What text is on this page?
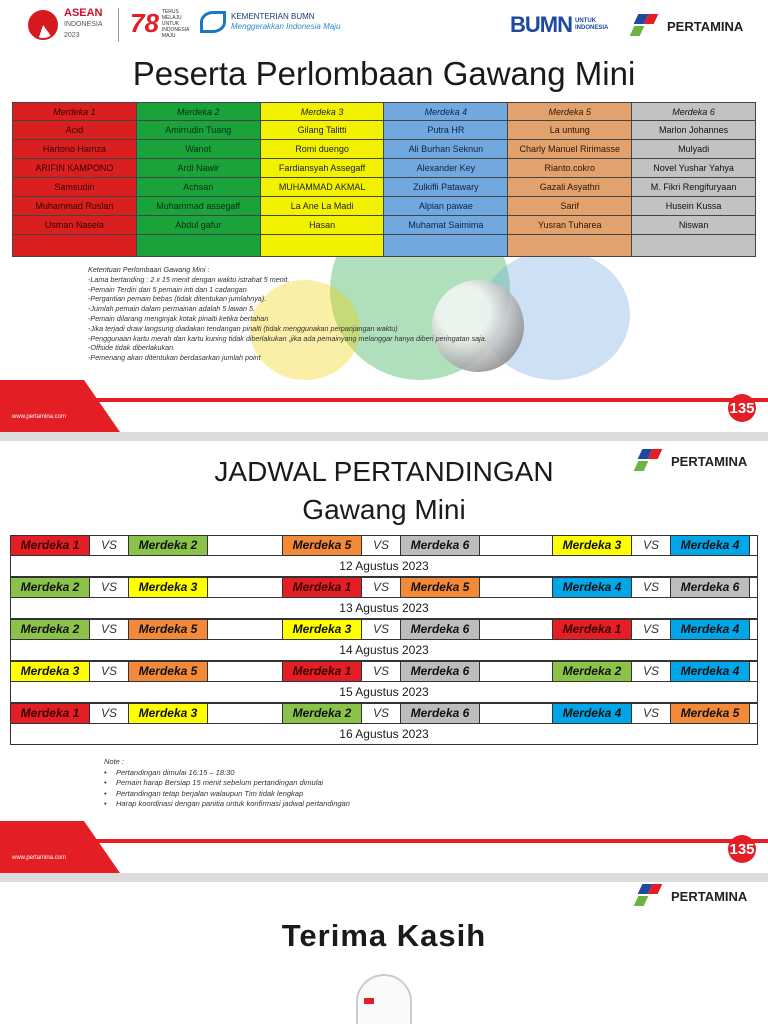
ASEAN
INDONESIA
2023	78 TERUS MELAJU UNTUK INDONESIA MAJU
KEMENTERIAN BUMN
Menggerakkan Indonesia Maju	BUMN UNTUK INDONESIA	PERTAMINA
Peserta Perlombaan Gawang Mini
Merdeka 1	Merdeka 2	Merdeka 3	Merdeka 4	Merdeka 5	Merdeka 6
Acid	Amirrudin Tuang	Gilang Talitti	Putra HR	La untung	Marlon Johannes
Hartono Hamza	Wanot	Romi duengo	Ali Burhan Seknun	Charly Manuel Ririmasse	Mulyadi
ARIFIN KAMPONO	Ardi Nawir	Fardiansyah Assegaff	Alexander Key	Rianto.cokro	Novel Yushar Yahya
Samsudin	Achsan	MUHAMMAD AKMAL	Zulkifli Patawary	Gazali Asyathri	M. Fikri Rengifuryaan
Muhammad Ruslan	Muhammad assegaff	La Ane La Madi	Alpian pawae	Sarif	Husein Kussa
Usman Nasela	Abdul gafur	Hasan	Muhamat Saimima	Yusran Tuharea	Niswan

Ketentuan Perlombaan Gawang Mini :
-Lama bertanding : 2 x 15 menit dengan waktu istrahat 5 menit.
-Pemain Terdiri dari 5 pemain inti dan 1 cadangan
-Pergantian pemain bebas (tidak ditentukan jumlahnya).
-Jumlah pemain dalam permainan adalah 5 lawan 5.
-Pemain dilarang menginjak kotak pinalti ketika bertahan
-Jika terjadi draw langsung diadakan tendangan pinalti (tidak menggunakan perpanjangan waktu)
-Penggunaan kartu merah dan kartu kuning tidak diberlakukan ,jika ada pemainyang melanggar hanya diberi peringatan saja.
-Offside tidak diberlakukan.
-Pemenang akan ditentukan berdasarkan jumlah point
www.pertamina.com
135
JADWAL PERTANDINGAN
Gawang Mini
PERTAMINA
Merdeka 1	VS	Merdeka 2	Merdeka 5	VS	Merdeka 6	Merdeka 3	VS	Merdeka 4
12 Agustus 2023
Merdeka 2	VS	Merdeka 3	Merdeka 1	VS	Merdeka 5	Merdeka 4	VS	Merdeka 6
13 Agustus 2023
Merdeka 2	VS	Merdeka 5	Merdeka 3	VS	Merdeka 6	Merdeka 1	VS	Merdeka 4
14 Agustus 2023
Merdeka 3	VS	Merdeka 5	Merdeka 1	VS	Merdeka 6	Merdeka 2	VS	Merdeka 4
15 Agustus 2023
Merdeka 1	VS	Merdeka 3	Merdeka 2	VS	Merdeka 6	Merdeka 4	VS	Merdeka 5
16 Agustus 2023
Note :
• Pertandingan dimulai 16:15 – 18:30
• Pemain harap Bersiap 15 menit sebelum pertandingan dimulai
• Pertandingan tetap berjalan walaupun Tim tidak lengkap
• Harap koordinasi dengan panitia untuk konfirmasi jadwal pertandingan
www.pertamina.com
135
PERTAMINA
Terima Kasih
